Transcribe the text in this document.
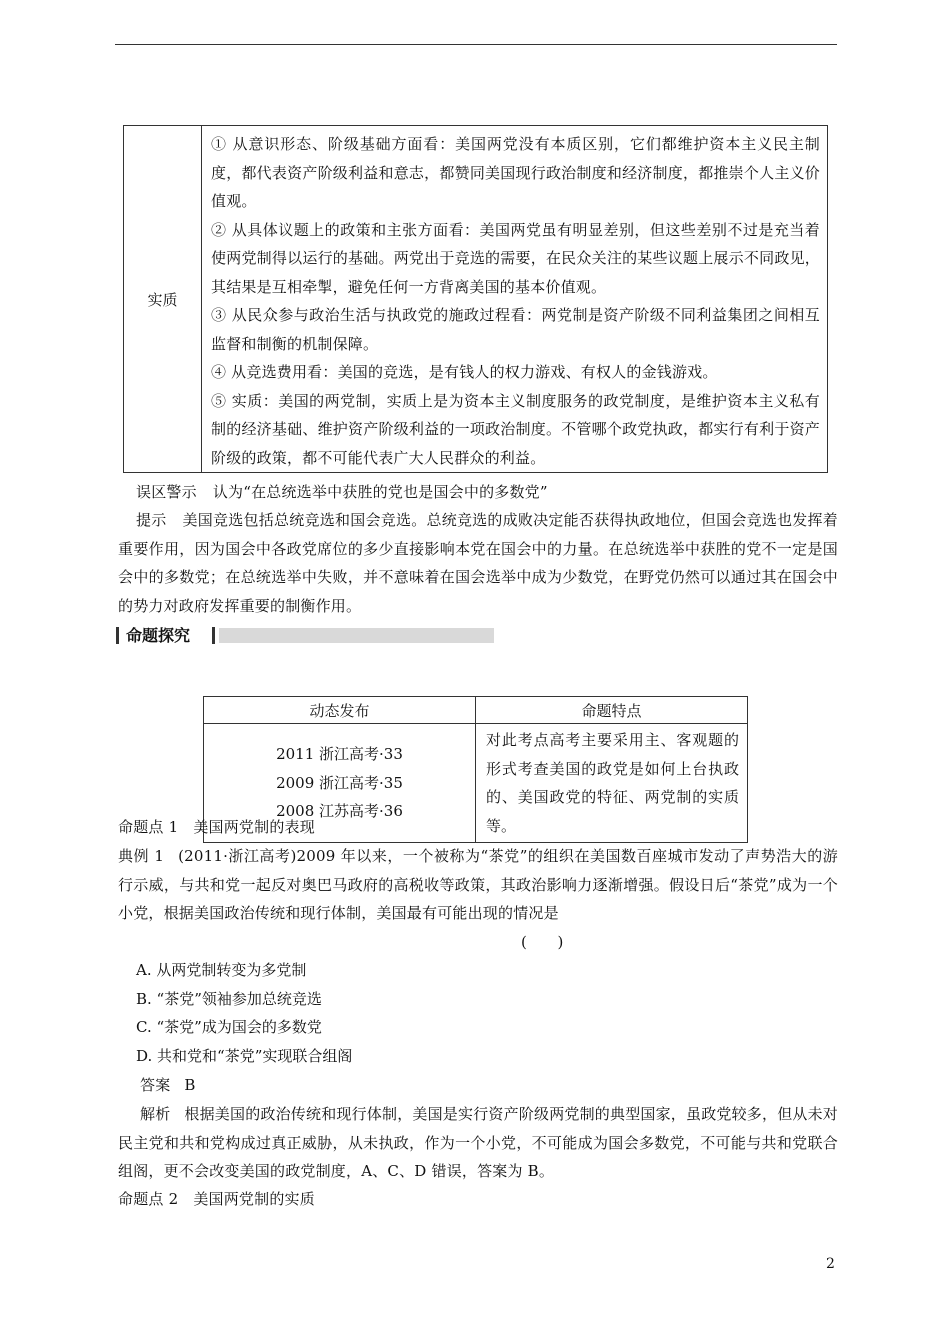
实质	

① 从意识形态、阶级基础方面看：美国两党没有本质区别，它们都维护资本主义民主制度，都代表资产阶级利益和意志，都赞同美国现行政治制度和经济制度，都推崇个人主义价值观。

② 从具体议题上的政策和主张方面看：美国两党虽有明显差别，但这些差别不过是充当着使两党制得以运行的基础。两党出于竞选的需要，在民众关注的某些议题上展示不同政见，其结果是互相牵掣，避免任何一方背离美国的基本价值观。

③ 从民众参与政治生活与执政党的施政过程看：两党制是资产阶级不同利益集团之间相互监督和制衡的机制保障。

④ 从竞选费用看：美国的竞选，是有钱人的权力游戏、有权人的金钱游戏。

⑤ 实质：美国的两党制，实质上是为资本主义制度服务的政党制度，是维护资本主义私有制的经济基础、维护资产阶级利益的一项政治制度。不管哪个政党执政，都实行有利于资产阶级的政策，都不可能代表广大人民群众的利益。

误区警示 认为“在总统选举中获胜的党也是国会中的多数党”
提示 美国竞选包括总统竞选和国会竞选。总统竞选的成败决定能否获得执政地位，但国会竞选也发挥着重要作用，因为国会中各政党席位的多少直接影响本党在国会中的力量。在总统选举中获胜的党不一定是国会中的多数党；在总统选举中失败，并不意味着在国会选举中成为少数党，在野党仍然可以通过其在国会中的势力对政府发挥重要的制衡作用。
命题探究
动态发布	命题特点

2011 浙江高考·33
2009 浙江高考·35
2008 江苏高考·36	对此考点高考主要采用主、客观题的形式考查美国的政党是如何上台执政的、美国政党的特征、两党制的实质等。
命题点 1 美国两党制的表现
典例 1 (2011·浙江高考)2009 年以来，一个被称为“茶党”的组织在美国数百座城市发动了声势浩大的游行示威，与共和党一起反对奥巴马政府的高税收等政策，其政治影响力逐渐增强。假设日后“茶党”成为一个小党，根据美国政治传统和现行体制，美国最有可能出现的情况是
(　　)
A. 从两党制转变为多党制
B. “茶党”领袖参加总统竞选
C. “茶党”成为国会的多数党
D. 共和党和“茶党”实现联合组阁
答案 B
解析 根据美国的政治传统和现行体制，美国是实行资产阶级两党制的典型国家，虽政党较多，但从未对民主党和共和党构成过真正威胁，从未执政，作为一个小党，不可能成为国会多数党，不可能与共和党联合组阁，更不会改变美国的政党制度，A、C、D 错误，答案为 B。
命题点 2 美国两党制的实质
2
